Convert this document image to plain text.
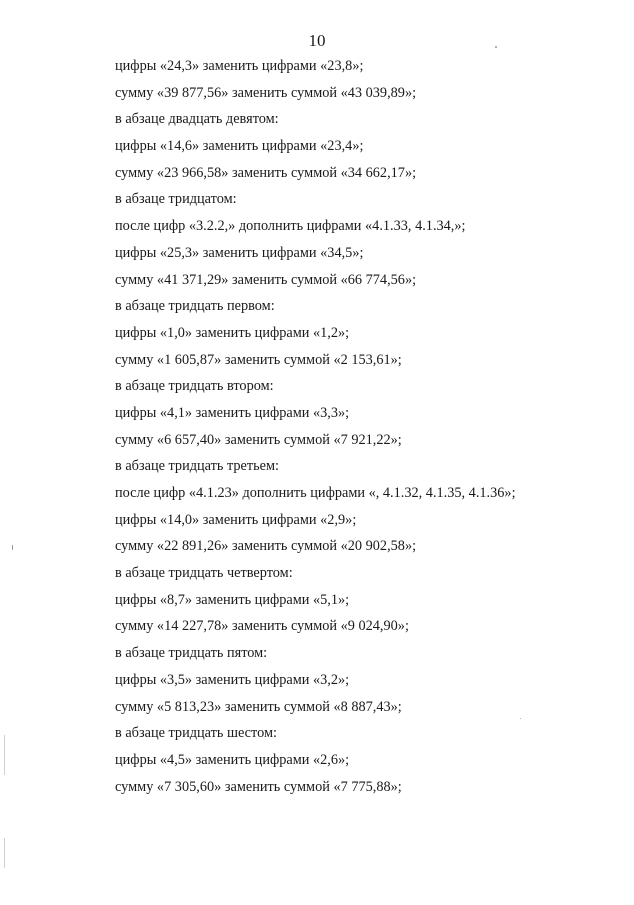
10
цифры «24,3» заменить цифрами «23,8»;
сумму «39 877,56» заменить суммой «43 039,89»;
в абзаце двадцать девятом:
цифры «14,6» заменить цифрами «23,4»;
сумму «23 966,58» заменить суммой «34 662,17»;
в абзаце тридцатом:
после цифр «3.2.2,» дополнить цифрами «4.1.33, 4.1.34,»;
цифры «25,3» заменить цифрами «34,5»;
сумму «41 371,29» заменить суммой «66 774,56»;
в абзаце тридцать первом:
цифры «1,0» заменить цифрами «1,2»;
сумму «1 605,87» заменить суммой «2 153,61»;
в абзаце тридцать втором:
цифры «4,1» заменить цифрами «3,3»;
сумму «6 657,40» заменить суммой «7 921,22»;
в абзаце тридцать третьем:
после цифр «4.1.23» дополнить цифрами «, 4.1.32, 4.1.35, 4.1.36»;
цифры «14,0» заменить цифрами «2,9»;
сумму «22 891,26» заменить суммой «20 902,58»;
в абзаце тридцать четвертом:
цифры «8,7» заменить цифрами «5,1»;
сумму «14 227,78» заменить суммой «9 024,90»;
в абзаце тридцать пятом:
цифры «3,5» заменить цифрами «3,2»;
сумму «5 813,23» заменить суммой «8 887,43»;
в абзаце тридцать шестом:
цифры «4,5» заменить цифрами «2,6»;
сумму «7 305,60» заменить суммой «7 775,88»;
